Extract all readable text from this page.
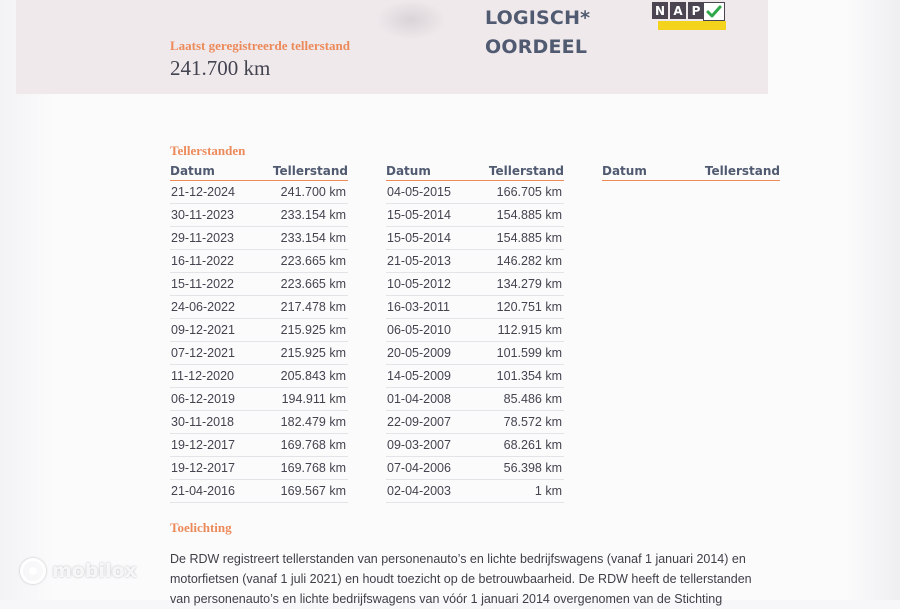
Laatst geregistreerde tellerstand
241.700 km
LOGISCH*
OORDEEL
N A P
Tellerstanden
Datum	Tellerstand
21-12-2024	241.700 km
30-11-2023	233.154 km
29-11-2023	233.154 km
16-11-2022	223.665 km
15-11-2022	223.665 km
24-06-2022	217.478 km
09-12-2021	215.925 km
07-12-2021	215.925 km
11-12-2020	205.843 km
06-12-2019	194.911 km
30-11-2018	182.479 km
19-12-2017	169.768 km
19-12-2017	169.768 km
21-04-2016	169.567 km
Datum	Tellerstand
04-05-2015	166.705 km
15-05-2014	154.885 km
15-05-2014	154.885 km
21-05-2013	146.282 km
10-05-2012	134.279 km
16-03-2011	120.751 km
06-05-2010	112.915 km
20-05-2009	101.599 km
14-05-2009	101.354 km
01-04-2008	85.486 km
22-09-2007	78.572 km
09-03-2007	68.261 km
07-04-2006	56.398 km
02-04-2003	1 km
Datum	Tellerstand
Toelichting
De RDW registreert tellerstanden van personenauto’s en lichte bedrijfswagens (vanaf 1 januari 2014) en
motorfietsen (vanaf 1 juli 2021) en houdt toezicht op de betrouwbaarheid. De RDW heeft de tellerstanden
van personenauto’s en lichte bedrijfswagens van vóór 1 januari 2014 overgenomen van de Stichting
mobilox
